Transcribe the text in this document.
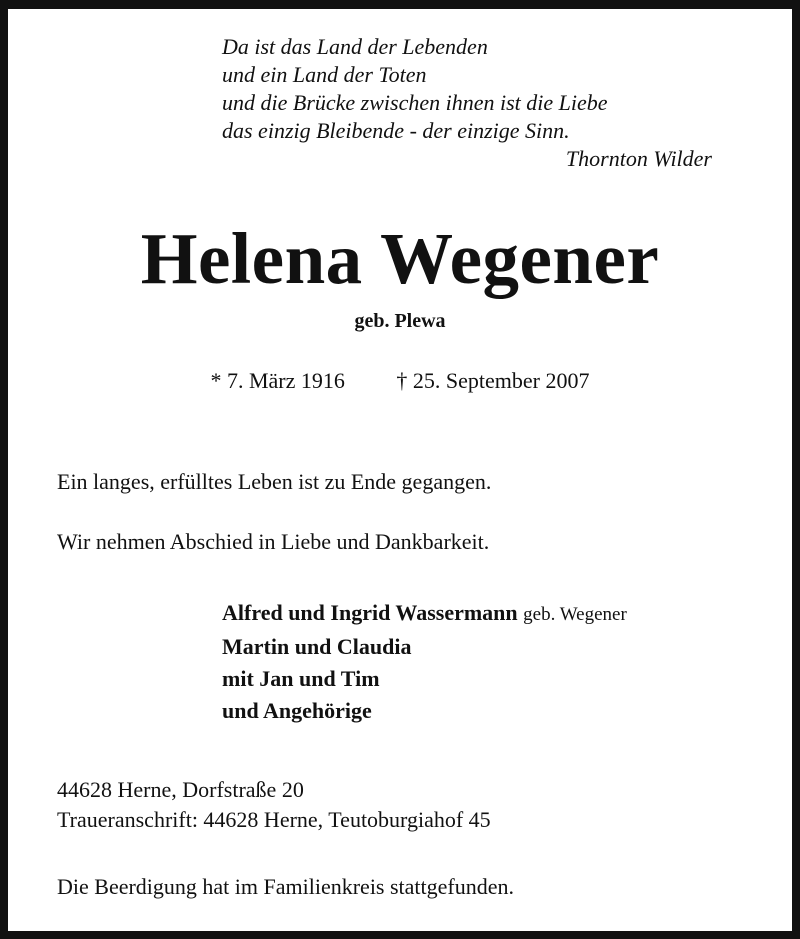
Da ist das Land der Lebenden
und ein Land der Toten
und die Brücke zwischen ihnen ist die Liebe
das einzig Bleibende - der einzige Sinn.
Thornton Wilder
Helena Wegener
geb. Plewa
* 7. März 1916 † 25. September 2007
Ein langes, erfülltes Leben ist zu Ende gegangen.
Wir nehmen Abschied in Liebe und Dankbarkeit.
Alfred und Ingrid Wassermann geb. Wegener
Martin und Claudia
mit Jan und Tim
und Angehörige
44628 Herne, Dorfstraße 20
Traueranschrift: 44628 Herne, Teutoburgiahof 45
Die Beerdigung hat im Familienkreis stattgefunden.
